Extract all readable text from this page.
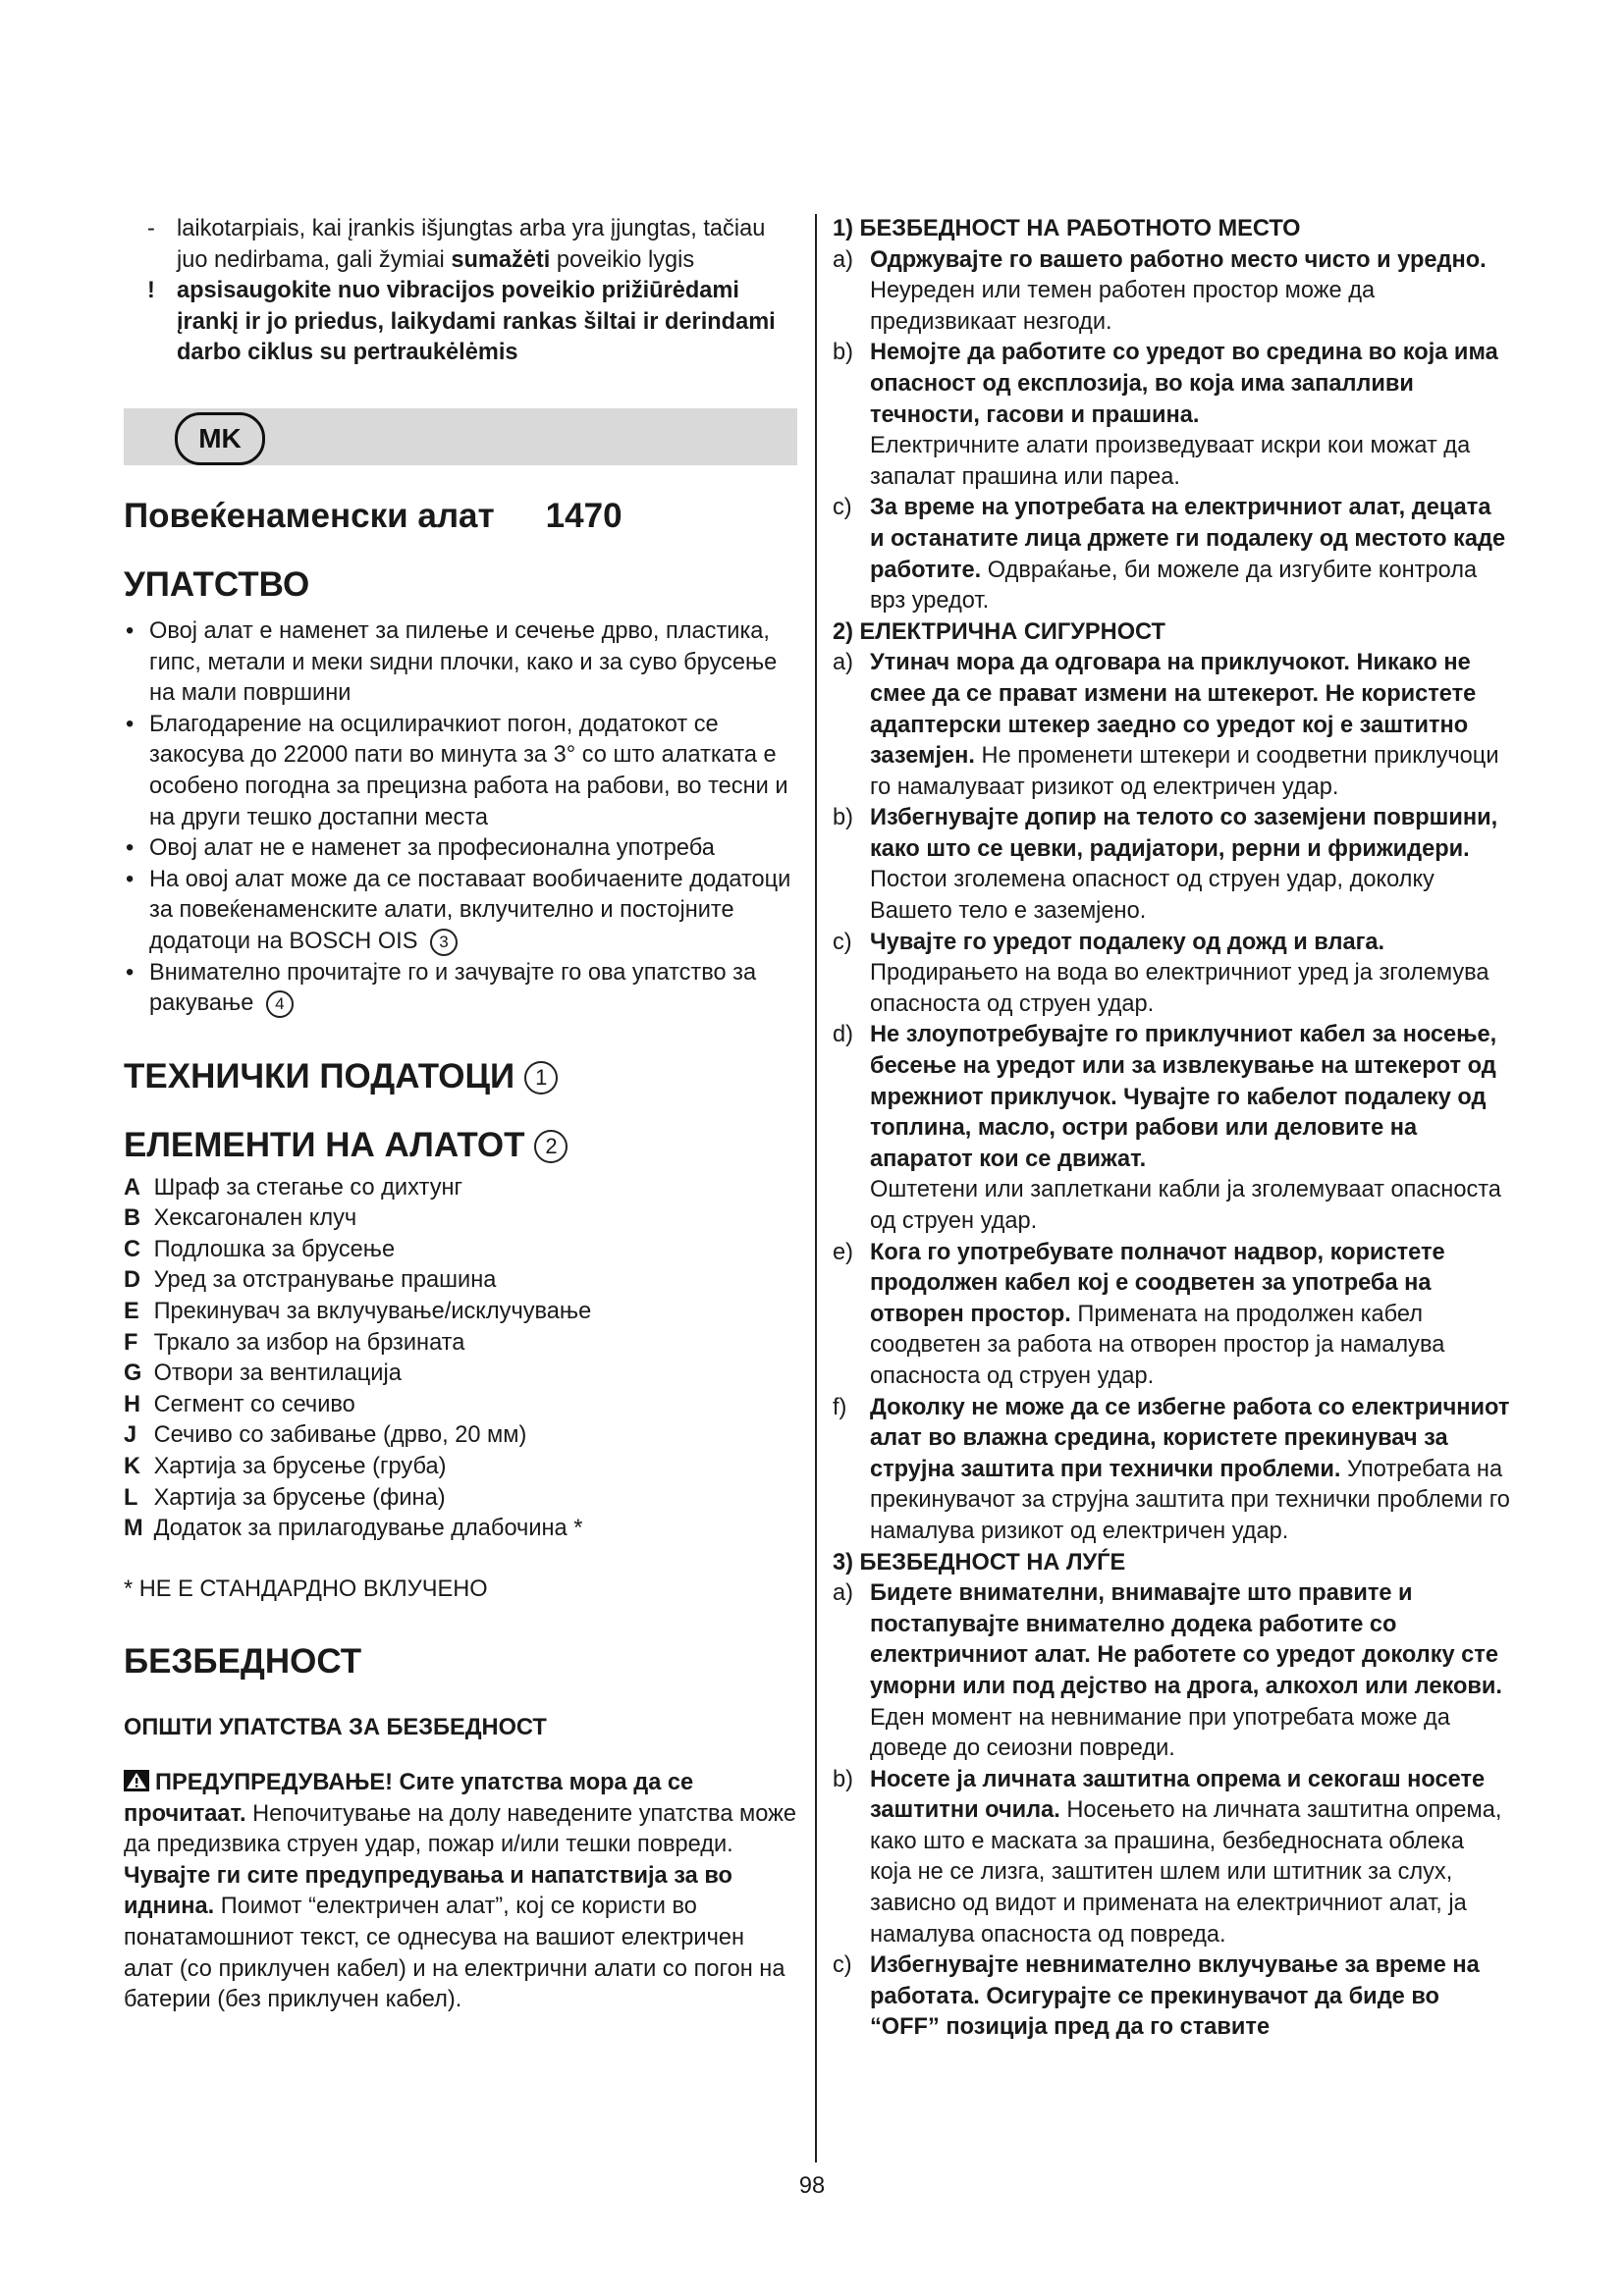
- laikotarpiais, kai įrankis išjungtas arba yra įjungtas, tačiau juo nedirbama, gali žymiai sumažėti poveikio lygis
! apsisaugokite nuo vibracijos poveikio prižiūrėdami įrankį ir jo priedus, laikydami rankas šiltai ir derindami darbo ciklus su pertraukėlėmis
MK
Повеќенаменски алат 1470
УПАТСТВО
• Овој алат е наменет за пилење и сечење дрво, пластика, гипс, метали и меки sидни плочки, како и за суво брусење на мали површини
• Благодарение на осцилирачкиот погон, додатокот се закосува до 22000 пати во минута за 3° со што алатката е особено погодна за прецизна работа на рабови, во тесни и на други тешко достапни места
• Овој алат не е наменет за професионална употреба
• На овој алат може да се поставаат вообичаените додатоци за повеќенаменските алати, вклучително и постојните додатоци на BOSCH OIS 3
• Внимателно прочитајте го и зачувајте го ова упатство за ракување 4
ТЕХНИЧКИ ПОДАТОЦИ 1
ЕЛЕМЕНТИ НА АЛАТОТ 2
A Шраф за стегање со дихтунг
B Хексагонален клуч
C Подлошка за брусење
D Уред за отстранување прашина
E Прекинувач за вклучување/исклучување
F Тркало за избор на брзината
G Отвори за вентилација
H Сегмент со сечиво
J Сечиво со забивање (дрво, 20 мм)
K Хартија за брусење (груба)
L Хартија за брусење (фина)
M Додаток за прилагодување длабочина *
* НЕ Е СТАНДАРДНО ВКЛУЧЕНО
БЕЗБЕДНОСТ
ОПШТИ УПАТСТВА ЗА БЕЗБЕДНОСТ
ПРЕДУПРЕДУВАЊЕ! Сите упатства мора да се прочитаат. Непочитување на долу наведените упатства може да предизвика струен удар, пожар и/или тешки повреди. Чувајте ги сите предупредувања и напатствија за во иднина. Поимот “електричен алат”, кој се користи во понатамошниот текст, се однесува на вашиот електричен алат (со приклучен кабел) и на електрични алати со погон на батерии (без приклучен кабел).
1) БЕЗБЕДНОСТ НА РАБОТНОТО МЕСТО
a) Одржувајте го вашето работно место чисто и уредно. Неуреден или темен работен простор може да предизвикаат незгоди.
b) Немојте да работите со уредот во средина во која има опасност од експлозија, во која има запалливи течности, гасови и прашина.
Електричните алати произведуваат искри кои можат да запалат прашина или пареа.
c) За време на употребата на електричниот алат, децата и останатите лица држете ги подалеку од местото каде работите. Одвраќање, би можеле да изгубите контрола врз уредот.
2) ЕЛЕКТРИЧНА СИГУРНОСТ
a) Утинач мора да одговара на приклучокот. Никако не смее да се прават измени на штекерот. Не користете адаптерски штекер заедно со уредот кој е заштитно заземјен. Не променети штекери и соодветни приклучоци го намалуваат ризикот од електричен удар.
b) Избегнувајте допир на телото со заземјени површини, како што се цевки, радијатори, рерни и фрижидери. Постои зголемена опасност од струен удар, доколку Вашето тело е заземјено.
c) Чувајте го уредот подалеку од дожд и влага.
Продирањето на вода во електричниот уред ја зголемува опасноста од струен удар.
d) Не злоупотребувајте го приклучниот кабел за носење, бесење на уредот или за извлекување на штекерот од мрежниот приклучок. Чувајте го кабелот подалеку од топлина, масло, остри рабови или деловите на апаратот кои се движат.
Оштетени или заплеткани кабли ја зголемуваат опасноста од струен удар.
e) Кога го употребувате полначот надвор, користете продолжен кабел кој е соодветен за употреба на отворен простор. Примената на продолжен кабел соодветен за работа на отворен простор ја намалува опасноста од струен удар.
f) Доколку не може да се избегне работа со електричниот алат во влажна средина, користете прекинувач за струјна заштита при технички проблеми. Употребата на прекинувачот за струјна заштита при технички проблеми го намалува ризикот од електричен удар.
3) БЕЗБЕДНОСТ НА ЛУЃЕ
a) Бидете внимателни, внимавајте што правите и постапувајте внимателно додека работите со електричниот алат. Не работете со уредот доколку сте уморни или под дејство на дрога, алкохол или лекови. Еден момент на невнимание при употребата може да доведе до сеиозни повреди.
b) Носете ја личната заштитна опрема и секогаш носете заштитни очила. Носењето на личната заштитна опрема, како што е маската за прашина, безбедносната облека која не се лизга, заштитен шлем или штитник за слух, зависно од видот и примената на електричниот алат, ја намалува опасноста од повреда.
c) Избегнувајте невнимателно вклучување за време на работата. Осигурајте се прекинувачот да биде во “OFF” позиција пред да го ставите
98
